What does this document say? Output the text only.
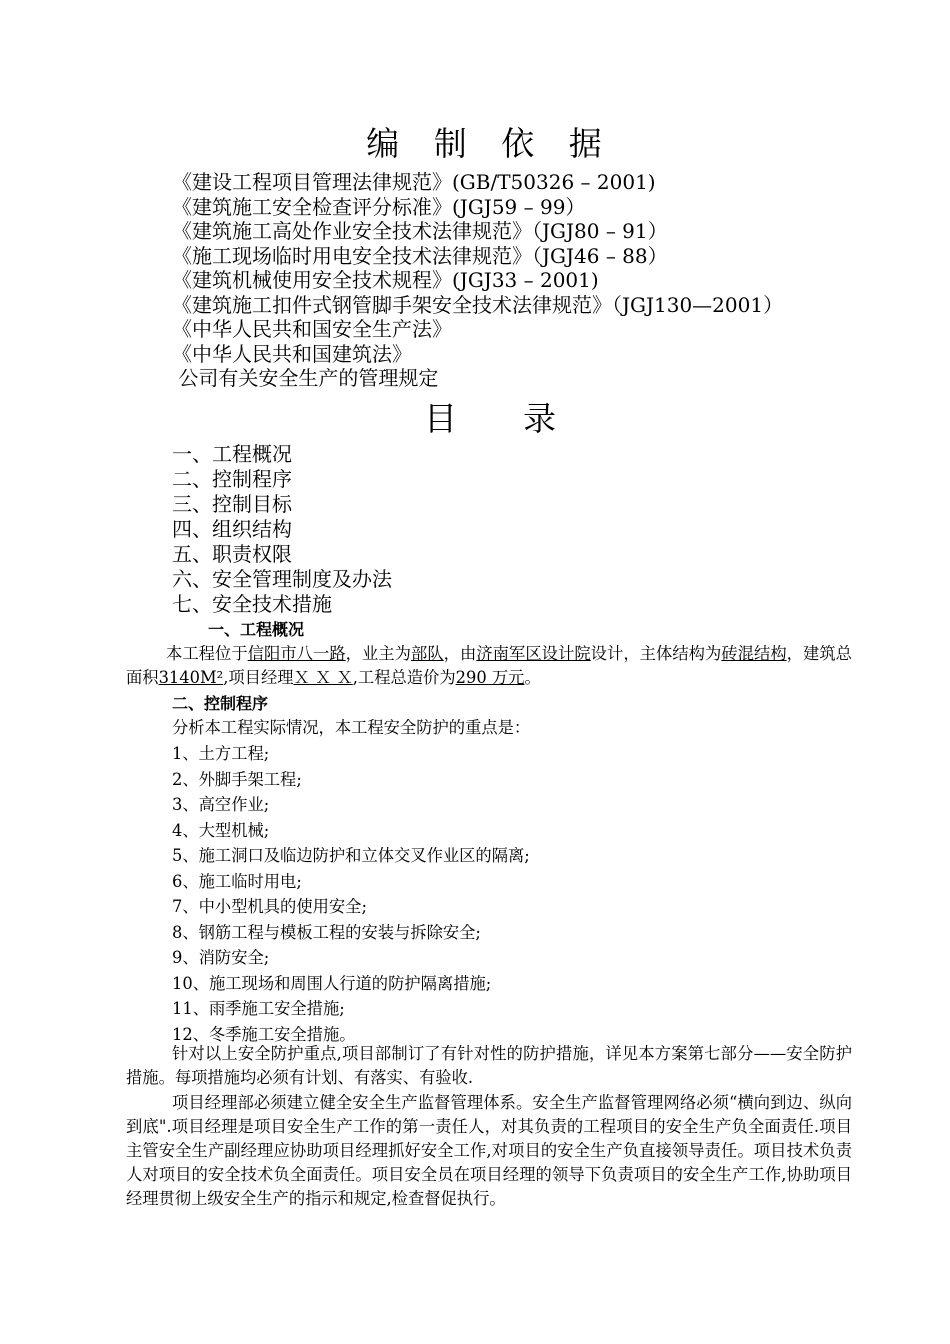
编 制 依 据
《建设工程项目管理法律规范》(GB/T50326 – 2001)
《建筑施工安全检查评分标准》(JGJ59 – 99）
《建筑施工高处作业安全技术法律规范》（JGJ80 – 91）
《施工现场临时用电安全技术法律规范》（JGJ46 – 88）
《建筑机械使用安全技术规程》(JGJ33 – 2001)
《建筑施工扣件式钢管脚手架安全技术法律规范》（JGJ130—2001）
《中华人民共和国安全生产法》
《中华人民共和国建筑法》
公司有关安全生产的管理规定
目 录
一、工程概况
二、控制程序
三、控制目标
四、组织结构
五、职责权限
六、安全管理制度及办法
七、安全技术措施
一、工程概况
本工程位于信阳市八一路，业主为部队，由济南军区设计院设计，主体结构为砖混结构，建筑总面积3140M²,项目经理Ｘ Ｘ Ｘ,工程总造价为290 万元。
二、控制程序
分析本工程实际情况，本工程安全防护的重点是：
1、土方工程;
2、外脚手架工程;
3、高空作业;
4、大型机械;
5、施工洞口及临边防护和立体交叉作业区的隔离;
6、施工临时用电;
7、中小型机具的使用安全;
8、钢筋工程与模板工程的安装与拆除安全;
9、消防安全;
10、施工现场和周围人行道的防护隔离措施;
11、雨季施工安全措施;
12、冬季施工安全措施。
针对以上安全防护重点,项目部制订了有针对性的防护措施，详见本方案第七部分——安全防护措施。每项措施均必须有计划、有落实、有验收.
项目经理部必须建立健全安全生产监督管理体系。安全生产监督管理网络必须“横向到边、纵向到底".项目经理是项目安全生产工作的第一责任人，对其负责的工程项目的安全生产负全面责任.项目主管安全生产副经理应协助项目经理抓好安全工作,对项目的安全生产负直接领导责任。项目技术负责人对项目的安全技术负全面责任。项目安全员在项目经理的领导下负责项目的安全生产工作,协助项目经理贯彻上级安全生产的指示和规定,检查督促执行。
